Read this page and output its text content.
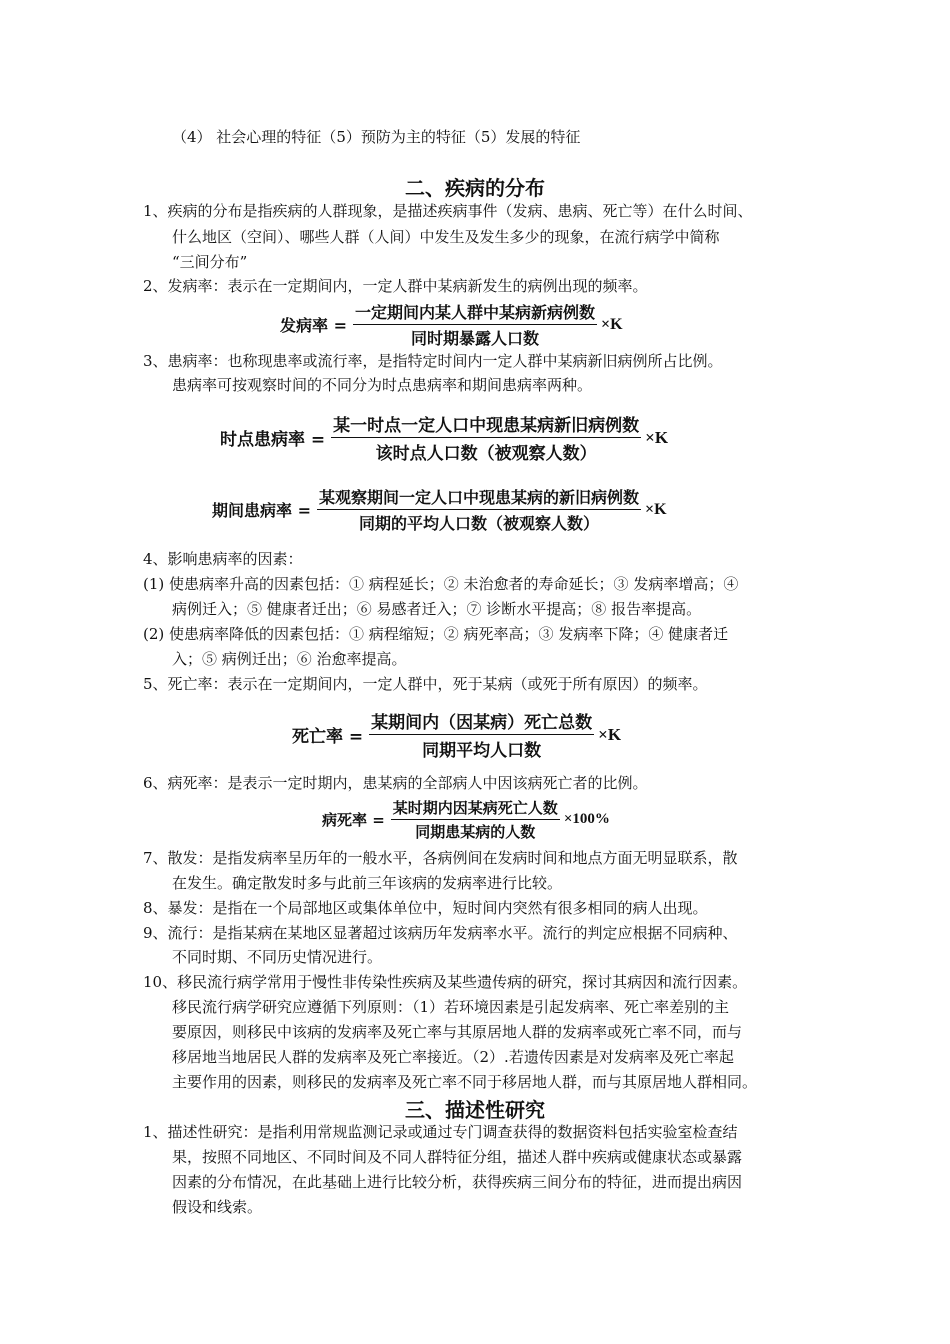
（4） 社会心理的特征（5）预防为主的特征（5）发展的特征
二、疾病的分布
1、疾病的分布是指疾病的人群现象，是描述疾病事件（发病、患病、死亡等）在什么时间、
什么地区（空间）、哪些人群（人间）中发生及发生多少的现象，在流行病学中简称
“三间分布”
2、发病率：表示在一定期间内，一定人群中某病新发生的病例出现的频率。
发病率 = $\frac{\text{一定期间内某人群中某病新病例数}}{\text{同时期暴露人口数}} \times K$
3、患病率：也称现患率或流行率，是指特定时间内一定人群中某病新旧病例所占比例。
患病率可按观察时间的不同分为时点患病率和期间患病率两种。
时点患病率 = $\frac{\text{某一时点一定人口中现患某病新旧病例数}}{\text{该时点人口数（被观察人数）}} \times K$
期间患病率 = $\frac{\text{某观察期间一定人口中现患某病的新旧病例数}}{\text{同期的平均人口数（被观察人数）}} \times K$
4、影响患病率的因素：
(1) 使患病率升高的因素包括：① 病程延长；② 未治愈者的寿命延长；③ 发病率增高；④
病例迁入；⑤ 健康者迁出；⑥ 易感者迁入；⑦ 诊断水平提高；⑧ 报告率提高。
(2) 使患病率降低的因素包括：① 病程缩短；② 病死率高；③ 发病率下降；④ 健康者迁
入；⑤ 病例迁出；⑥ 治愈率提高。
5、死亡率：表示在一定期间内，一定人群中，死于某病（或死于所有原因）的频率。
死亡率 = $\frac{\text{某期间内（因某病）死亡总数}}{\text{同期平均人口数}} \times K$
6、病死率：是表示一定时期内，患某病的全部病人中因该病死亡者的比例。
病死率 = $\frac{\text{某时期内因某病死亡人数}}{\text{同期患某病的人数}} \times 100\%$
7、散发：是指发病率呈历年的一般水平，各病例间在发病时间和地点方面无明显联系，散
在发生。确定散发时多与此前三年该病的发病率进行比较。
8、暴发：是指在一个局部地区或集体单位中，短时间内突然有很多相同的病人出现。
9、流行：是指某病在某地区显著超过该病历年发病率水平。流行的判定应根据不同病种、
不同时期、不同历史情况进行。
10、移民流行病学常用于慢性非传染性疾病及某些遗传病的研究，探讨其病因和流行因素。
移民流行病学研究应遵循下列原则：（1）若环境因素是引起发病率、死亡率差别的主
要原因，则移民中该病的发病率及死亡率与其原居地人群的发病率或死亡率不同，而与
移居地当地居民人群的发病率及死亡率接近。（2）.若遗传因素是对发病率及死亡率起
主要作用的因素，则移民的发病率及死亡率不同于移居地人群，而与其原居地人群相同。
三、描述性研究
1、描述性研究：是指利用常规监测记录或通过专门调查获得的数据资料包括实验室检查结
果，按照不同地区、不同时间及不同人群特征分组，描述人群中疾病或健康状态或暴露
因素的分布情况，在此基础上进行比较分析，获得疾病三间分布的特征，进而提出病因
假设和线索。
